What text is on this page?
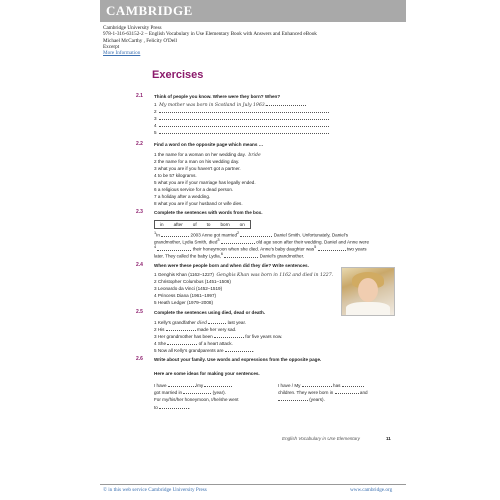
CAMBRIDGE
Cambridge University Press
978-1-316-63152-2 – English Vocabulary in Use Elementary Book with Answers and Enhanced eBook
Michael McCarthy , Felicity O'Dell
Excerpt
More Information
Exercises
2.1 Think of people you know. Where were they born? When?
1 My mother was born in Scotland in July 1963.
2
3
4
5
2.2 Find a word on the opposite page which means …
1 the name for a woman on her wedding day. bride
2 the name for a man on his wedding day.
3 what you are if you haven't got a partner.
4 to be 57 kilograms.
5 what you are if your marriage has legally ended.
6 a religious service for a dead person.
7 a holiday after a wedding.
8 what you are if your husband or wife dies.
2.3 Complete the sentences with words from the box.
in	after	of	to	born	on
$^1$In	2003 Anne got married$^2$	Daniel Smith. Unfortunately, Daniel's
grandmother, Lydia Smith, died$^3$	old age soon after their wedding. Daniel and Anne were
$^4$	their honeymoon when she died. Anne's baby daughter was$^5$	two years
later. They called the baby Lydia,$^6$	Daniel's grandmother.
2.4 When were these people born and when did they die? Write sentences.
1 Genghis Khan (1162–1227) Genghis Khan was born in 1162 and died in 1227.
2 Christopher Columbus (1451–1506)
3 Leonardo da Vinci (1452–1519)
4 Princess Diana (1961–1997)
5 Heath Ledger (1979–2008)
2.5 Complete the sentences using died, dead or death.
1 Kelly's grandfather died	last year.
2 His	made her very sad.
3 Her grandmother has been	for five years now.
4 She	of a heart attack.
5 Now all Kelly's grandparents are	.
2.6 Write about your family. Use words and expressions from the opposite page.
Here are some ideas for making your sentences.
I have	/my
got married in	(year).
For my/his/her honeymoon, I/he/she went
to	.
I have / My	has
children. They were born in	and
(years).
English Vocabulary in Use Elementary	11
© in this web service Cambridge University Press	www.cambridge.org
